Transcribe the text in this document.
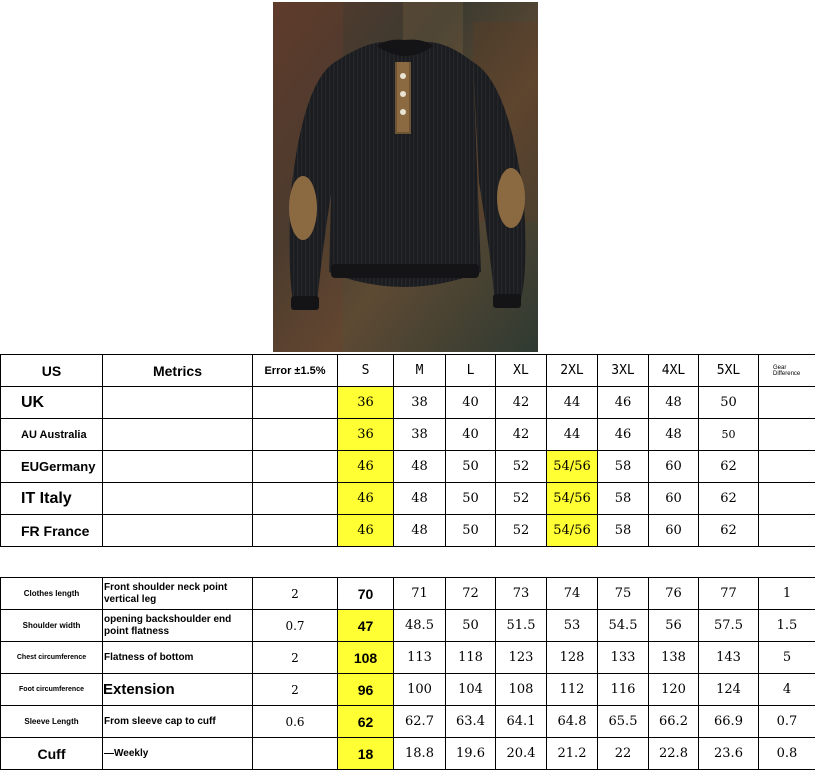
US	Metrics	Error ±1.5%	S	M	L	XL	2XL	3XL	4XL	5XL	Gear Difference
UK			36	38	40	42	44	46	48	50	
AU Australia			36	38	40	42	44	46	48	50	
EUGermany			46	48	50	52	54/56	58	60	62	
IT Italy			46	48	50	52	54/56	58	60	62	
FR France			46	48	50	52	54/56	58	60	62	

Clothes length	Front shoulder neck point vertical leg	2	70	71	72	73	74	75	76	77	1
Shoulder width	opening backshoulder end point flatness	0.7	47	48.5	50	51.5	53	54.5	56	57.5	1.5
Chest circumference	Flatness of bottom	2	108	113	118	123	128	133	138	143	5
Foot circumference	Extension	2	96	100	104	108	112	116	120	124	4
Sleeve Length	From sleeve cap to cuff	0.6	62	62.7	63.4	64.1	64.8	65.5	66.2	66.9	0.7
Cuff	—Weekly		18	18.8	19.6	20.4	21.2	22	22.8	23.6	0.8
